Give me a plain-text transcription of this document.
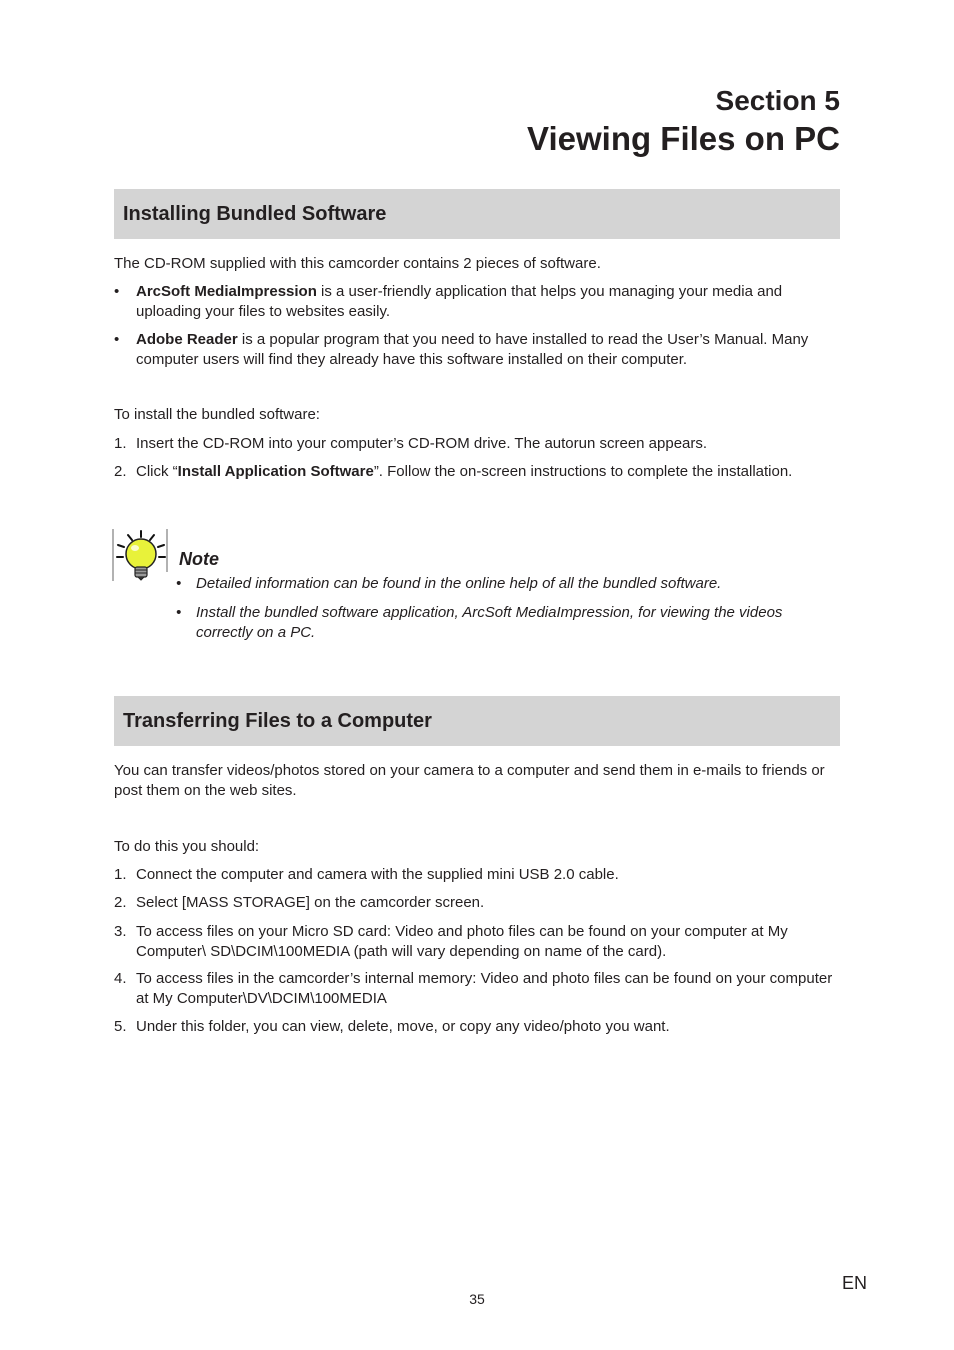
Section 5
Viewing Files on PC
Installing Bundled Software

The CD-ROM supplied with this camcorder contains 2 pieces of software.

• ArcSoft MediaImpression is a user-friendly application that helps you managing your media and uploading your files to websites easily.
• Adobe Reader is a popular program that you need to have installed to read the User’s Manual. Many computer users will find they already have this software installed on their computer.

To install the bundled software:

1. Insert the CD-ROM into your computer’s CD-ROM drive. The autorun screen appears.
2. Click “Install Application Software”. Follow the on-screen instructions to complete the installation.

Note

• Detailed information can be found in the online help of all the bundled software.
• Install the bundled software application, ArcSoft MediaImpression, for viewing the videos correctly on a PC.
Transferring Files to a Computer

You can transfer videos/photos stored on your camera to a computer and send them in e-mails to friends or post them on the web sites.

To do this you should:

1. Connect the computer and camera with the supplied mini USB 2.0 cable.
2. Select [MASS STORAGE] on the camcorder screen.
3. To access files on your Micro SD card: Video and photo files can be found on your computer at My Computer\ SD\DCIM\100MEDIA (path will vary depending on name of the card).
4. To access files in the camcorder’s internal memory: Video and photo files can be found on your computer at My Computer\DV\DCIM\100MEDIA
5. Under this folder, you can view, delete, move, or copy any video/photo you want.
EN
35
